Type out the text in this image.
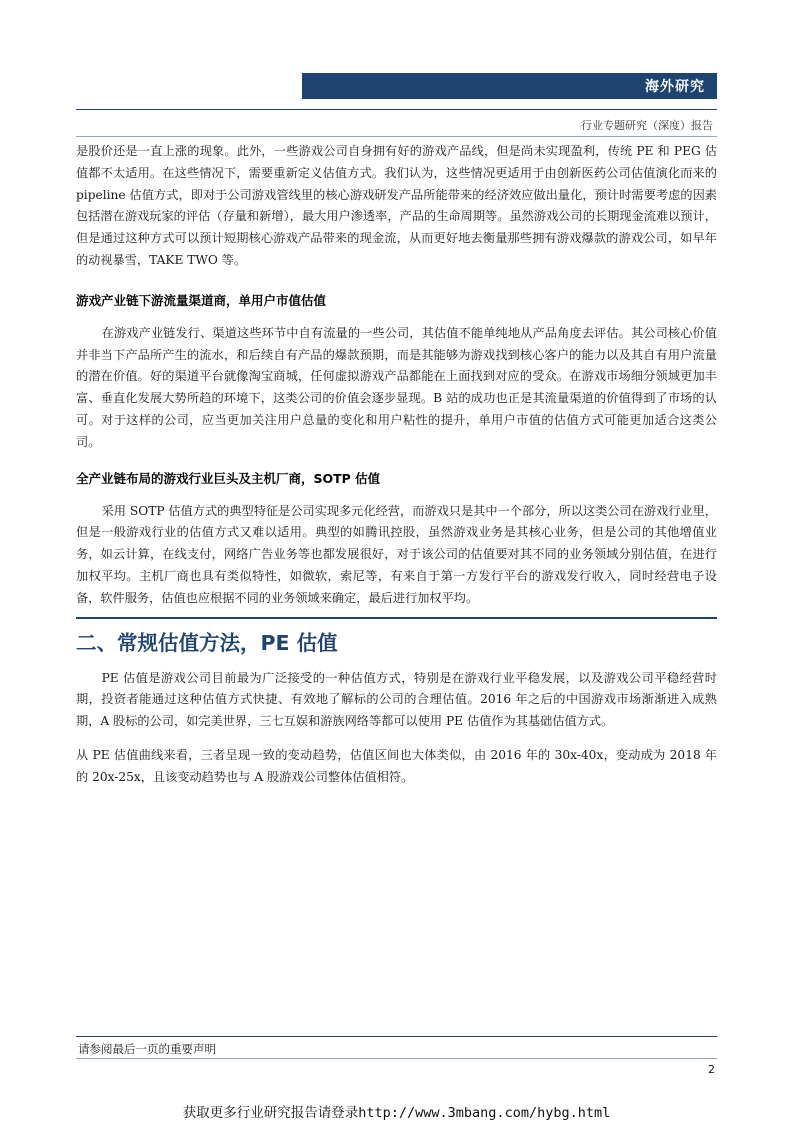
海外研究
行业专题研究（深度）报告

是股价还是一直上涨的现象。此外，一些游戏公司自身拥有好的游戏产品线，但是尚未实现盈利，传统 PE 和 PEG 估值都不太适用。在这些情况下，需要重新定义估值方式。我们认为，这些情况更适用于由创新医药公司估值演化而来的pipeline 估值方式，即对于公司游戏管线里的核心游戏研发产品所能带来的经济效应做出量化，预计时需要考虑的因素包括潜在游戏玩家的评估（存量和新增），最大用户渗透率，产品的生命周期等。虽然游戏公司的长期现金流难以预计，但是通过这种方式可以预计短期核心游戏产品带来的现金流，从而更好地去衡量那些拥有游戏爆款的游戏公司，如早年的动视暴雪，TAKE TWO 等。

游戏产业链下游流量渠道商，单用户市值估值

在游戏产业链发行、渠道这些环节中自有流量的一些公司，其估值不能单纯地从产品角度去评估。其公司核心价值并非当下产品所产生的流水，和后续自有产品的爆款预期，而是其能够为游戏找到核心客户的能力以及其自有用户流量的潜在价值。好的渠道平台就像淘宝商城，任何虚拟游戏产品都能在上面找到对应的受众。在游戏市场细分领域更加丰富、垂直化发展大势所趋的环境下，这类公司的价值会逐步显现。B 站的成功也正是其流量渠道的价值得到了市场的认可。对于这样的公司，应当更加关注用户总量的变化和用户粘性的提升，单用户市值的估值方式可能更加适合这类公司。

全产业链布局的游戏行业巨头及主机厂商，SOTP 估值

采用 SOTP 估值方式的典型特征是公司实现多元化经营，而游戏只是其中一个部分，所以这类公司在游戏行业里，但是一般游戏行业的估值方式又难以适用。典型的如腾讯控股，虽然游戏业务是其核心业务，但是公司的其他增值业务，如云计算，在线支付，网络广告业务等也都发展很好，对于该公司的估值要对其不同的业务领域分别估值，在进行加权平均。主机厂商也具有类似特性，如微软，索尼等，有来自于第一方发行平台的游戏发行收入，同时经营电子设备，软件服务，估值也应根据不同的业务领域来确定，最后进行加权平均。

二、常规估值方法，PE 估值

PE 估值是游戏公司目前最为广泛接受的一种估值方式，特别是在游戏行业平稳发展，以及游戏公司平稳经营时期，投资者能通过这种估值方式快捷、有效地了解标的公司的合理估值。2016 年之后的中国游戏市场渐渐进入成熟期，A 股标的公司，如完美世界，三七互娱和游族网络等都可以使用 PE 估值作为其基础估值方式。

从 PE 估值曲线来看，三者呈现一致的变动趋势，估值区间也大体类似，由 2016 年的 30x-40x，变动成为 2018 年的 20x-25x，且该变动趋势也与 A 股游戏公司整体估值相符。

请参阅最后一页的重要声明
2
获取更多行业研究报告请登录http://www.3mbang.com/hybg.html
